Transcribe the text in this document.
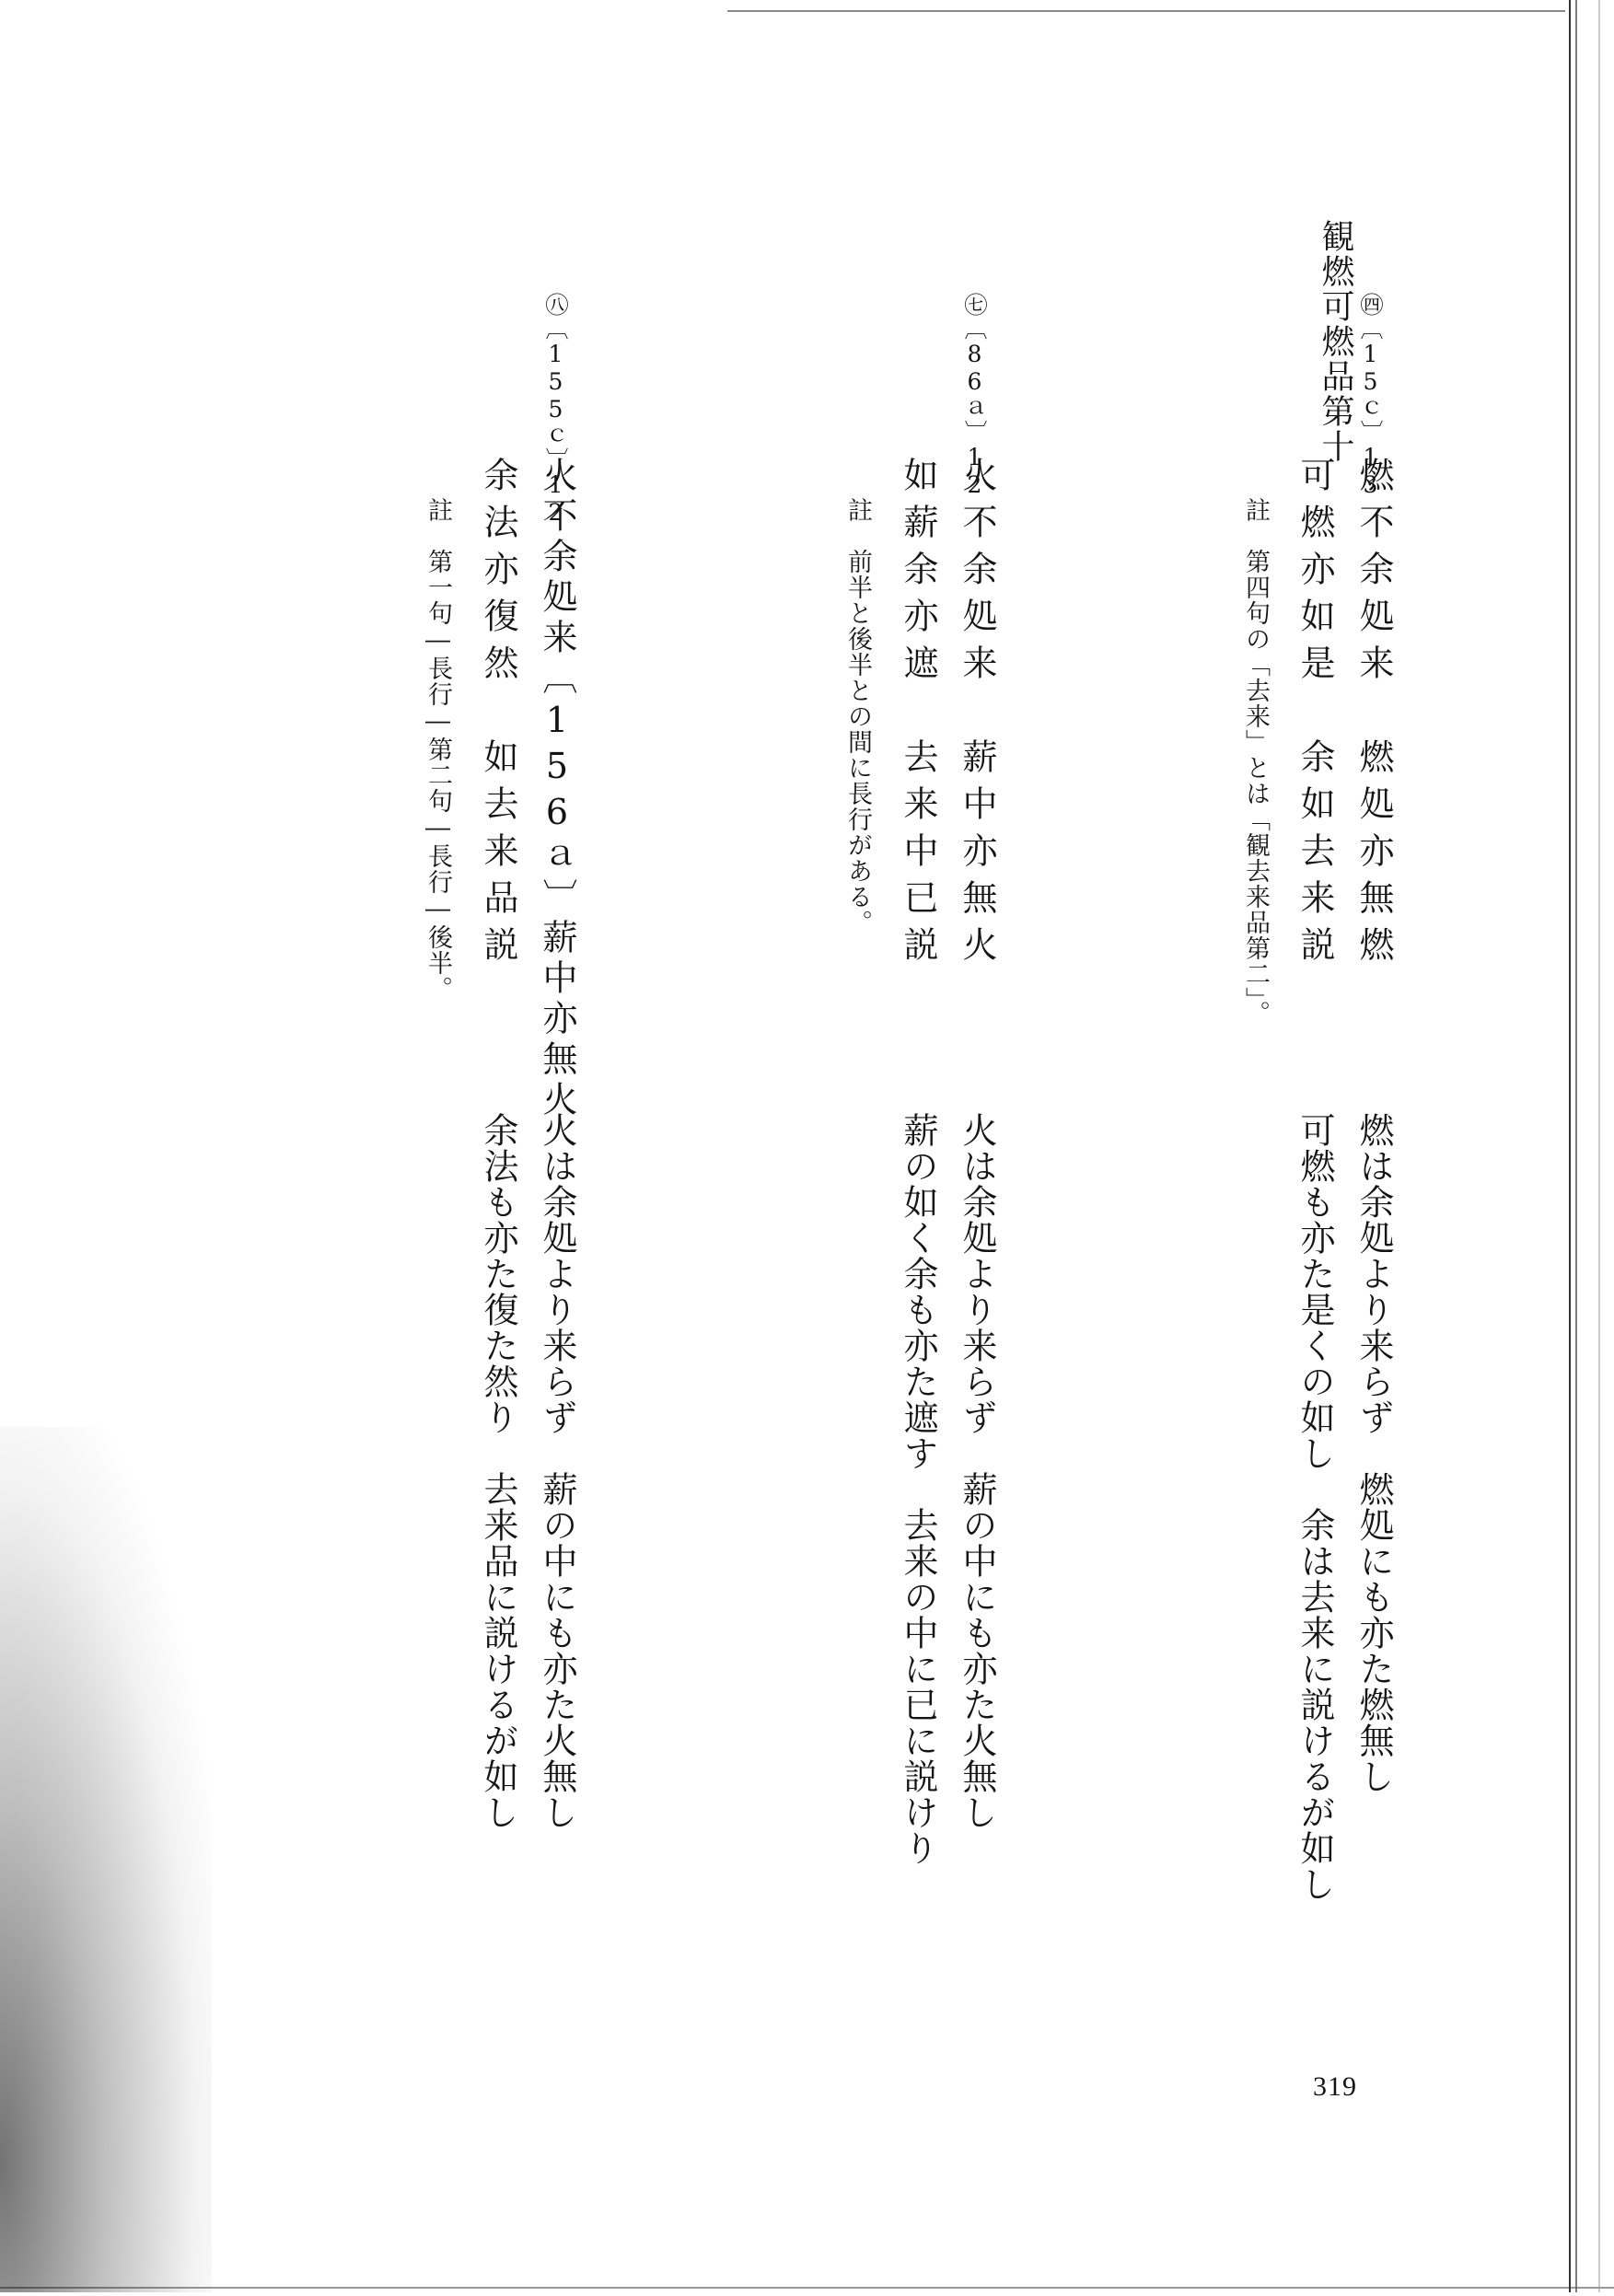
観燃可燃品第十 ㊃〔15ｃ〕13
燃不余処来　燃処亦無燃
可燃亦如是　余如去来説
註　第四句の「去来」とは「観去来品第二」。
燃は余処より来らず　燃処にも亦た燃無し
可燃も亦た是くの如し　余は去来に説けるが如し
㊆〔86ａ〕12
火不余処来　薪中亦無火
如薪余亦遮　去来中已説
註　前半と後半との間に長行がある。
火は余処より来らず　薪の中にも亦た火無し
薪の如く余も亦た遮す　去来の中に已に説けり
㊇〔155ｃ〕12
火不余処来〔156ａ〕薪中亦無火
余法亦復然　如去来品説
註　第一句―長行―第二句―長行―後半。
火は余処より来らず　薪の中にも亦た火無し
余法も亦た復た然り　去来品に説けるが如し
319
